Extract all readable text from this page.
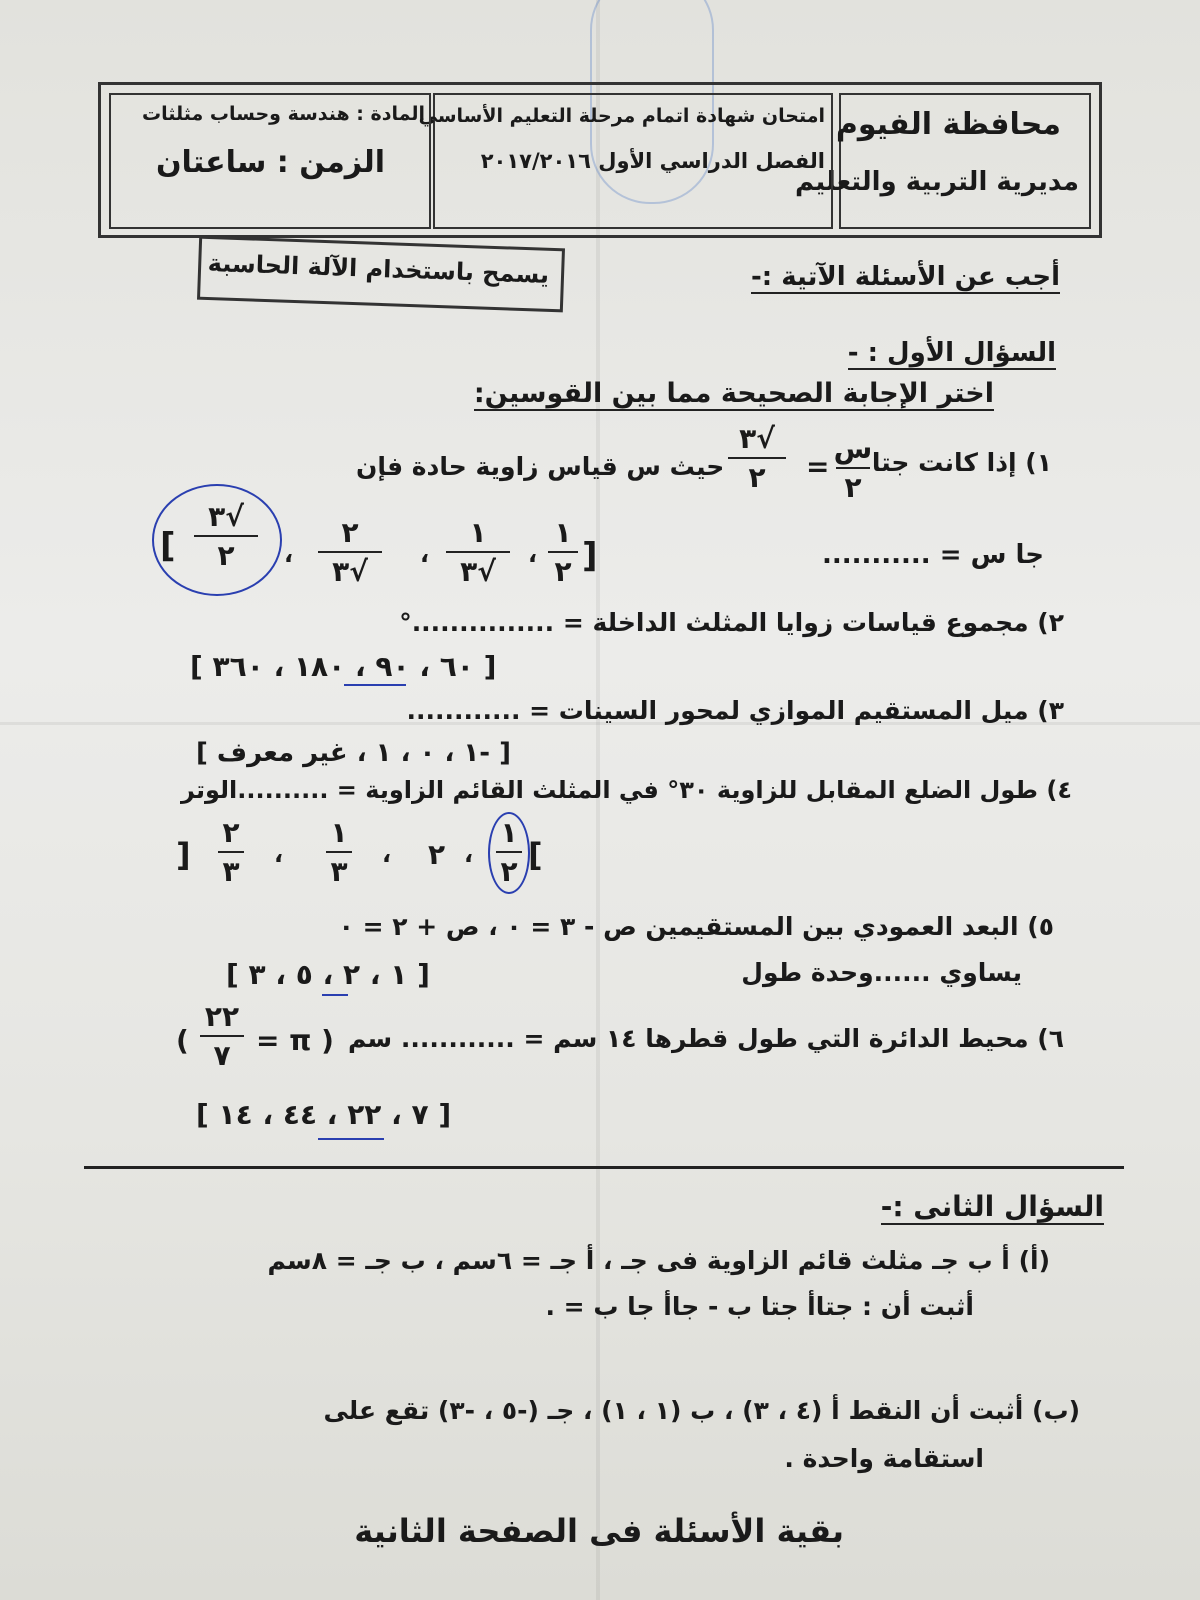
محافظة الفيوم
مديرية التربية والتعليم
امتحان شهادة اتمام مرحلة التعليم الأساسي
الفصل الدراسي الأول ٢٠١٧/٢٠١٦
المادة : هندسة وحساب مثلثات
الزمن : ساعتان
أجب عن الأسئلة الآتية :-
يسمح باستخدام الآلة الحاسبة
السؤال الأول : -
اختر الإجابة الصحيحة مما بين القوسين:
١) إذا كانت جتا
س
٢
=
√٣
٢
حيث س قياس زاوية حادة فإن
جا س = ...........
[
١
٢
،
١
√٣
،
٢
√٣
،
√٣
٢
]
٢) مجموع قياسات زوايا المثلث الداخلة = ...............°
[ ٦٠ ، ٩٠ ، ١٨٠ ، ٣٦٠ ]
٣) ميل المستقيم الموازي لمحور السينات = ............
[ -١ ، ٠ ، ١ ، غير معرف ]
٤) طول الضلع المقابل للزاوية ٣٠° في المثلث القائم الزاوية = ..........الوتر
]
١
٢
،
٢
،
١
٣
،
٢
٣
[
٥) البعد العمودي بين المستقيمين ص - ٣ = ٠ ، ص + ٢ = ٠
يساوي ......وحدة طول
[ ١ ، ٢ ، ٥ ، ٣ ]
٦) محيط الدائرة التي طول قطرها ١٤ سم = ............ سم
( π =
٢٢
٧
)
[ ٧ ، ٢٢ ، ٤٤ ، ١٤ ]
السؤال الثانى :-
(أ) أ ب جـ مثلث قائم الزاوية فى جـ ، أ جـ = ٦سم ، ب جـ = ٨سم
أثبت أن : جتاأ جتا ب - جاأ جا ب = .
(ب) أثبت أن النقط أ (٤ ، ٣) ، ب (١ ، ١) ، جـ (-٥ ، -٣) تقع على
استقامة واحدة .
بقية الأسئلة فى الصفحة الثانية
